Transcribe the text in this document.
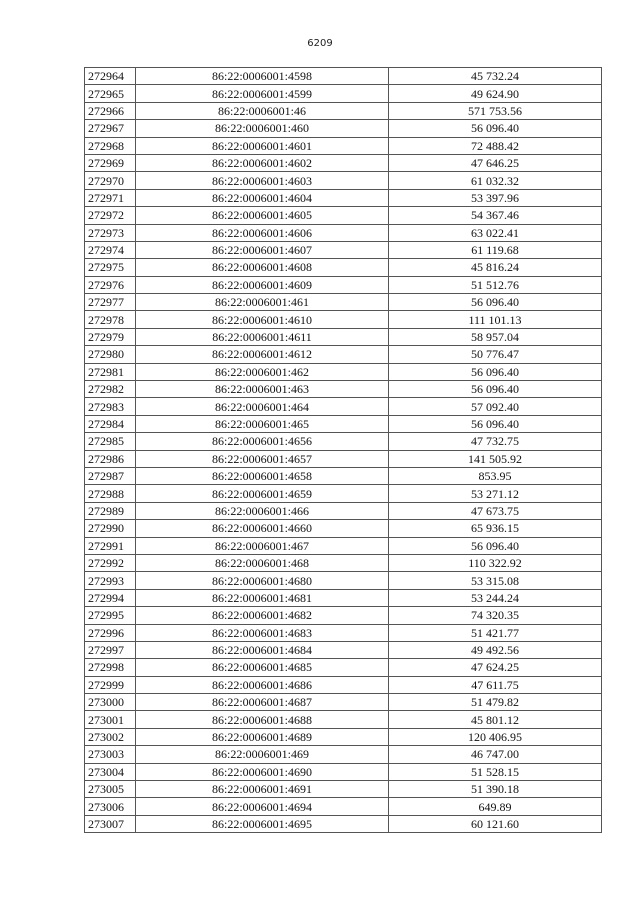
6209
272964	86:22:0006001:4598	45 732.24
272965	86:22:0006001:4599	49 624.90
272966	86:22:0006001:46	571 753.56
272967	86:22:0006001:460	56 096.40
272968	86:22:0006001:4601	72 488.42
272969	86:22:0006001:4602	47 646.25
272970	86:22:0006001:4603	61 032.32
272971	86:22:0006001:4604	53 397.96
272972	86:22:0006001:4605	54 367.46
272973	86:22:0006001:4606	63 022.41
272974	86:22:0006001:4607	61 119.68
272975	86:22:0006001:4608	45 816.24
272976	86:22:0006001:4609	51 512.76
272977	86:22:0006001:461	56 096.40
272978	86:22:0006001:4610	111 101.13
272979	86:22:0006001:4611	58 957.04
272980	86:22:0006001:4612	50 776.47
272981	86:22:0006001:462	56 096.40
272982	86:22:0006001:463	56 096.40
272983	86:22:0006001:464	57 092.40
272984	86:22:0006001:465	56 096.40
272985	86:22:0006001:4656	47 732.75
272986	86:22:0006001:4657	141 505.92
272987	86:22:0006001:4658	853.95
272988	86:22:0006001:4659	53 271.12
272989	86:22:0006001:466	47 673.75
272990	86:22:0006001:4660	65 936.15
272991	86:22:0006001:467	56 096.40
272992	86:22:0006001:468	110 322.92
272993	86:22:0006001:4680	53 315.08
272994	86:22:0006001:4681	53 244.24
272995	86:22:0006001:4682	74 320.35
272996	86:22:0006001:4683	51 421.77
272997	86:22:0006001:4684	49 492.56
272998	86:22:0006001:4685	47 624.25
272999	86:22:0006001:4686	47 611.75
273000	86:22:0006001:4687	51 479.82
273001	86:22:0006001:4688	45 801.12
273002	86:22:0006001:4689	120 406.95
273003	86:22:0006001:469	46 747.00
273004	86:22:0006001:4690	51 528.15
273005	86:22:0006001:4691	51 390.18
273006	86:22:0006001:4694	649.89
273007	86:22:0006001:4695	60 121.60
